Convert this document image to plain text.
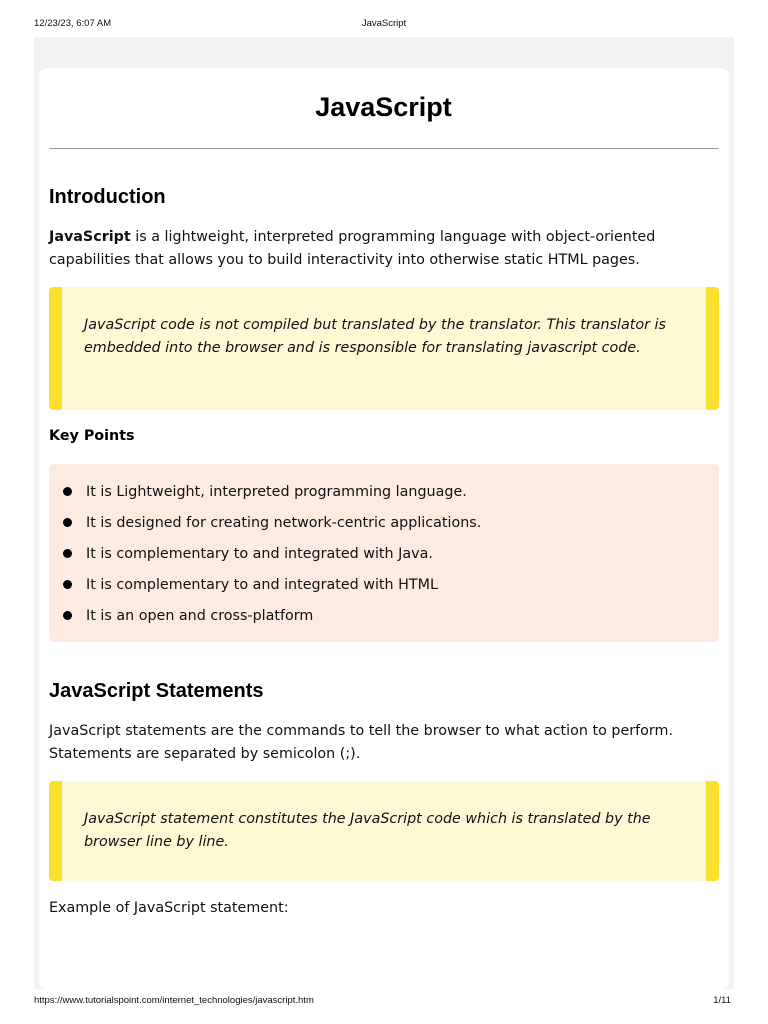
12/23/23, 6:07 AM	JavaScript
JavaScript
Introduction

JavaScript is a lightweight, interpreted programming language with object-oriented capabilities that allows you to build interactivity into otherwise static HTML pages.

JavaScript code is not compiled but translated by the translator. This translator is embedded into the browser and is responsible for translating javascript code.

Key Points
It is Lightweight, interpreted programming language.
It is designed for creating network-centric applications.
It is complementary to and integrated with Java.
It is complementary to and integrated with HTML
It is an open and cross-platform
JavaScript Statements

JavaScript statements are the commands to tell the browser to what action to perform. Statements are separated by semicolon (;).

JavaScript statement constitutes the JavaScript code which is translated by the browser line by line.

Example of JavaScript statement:

https://www.tutorialspoint.com/internet_technologies/javascript.htm	1/11
